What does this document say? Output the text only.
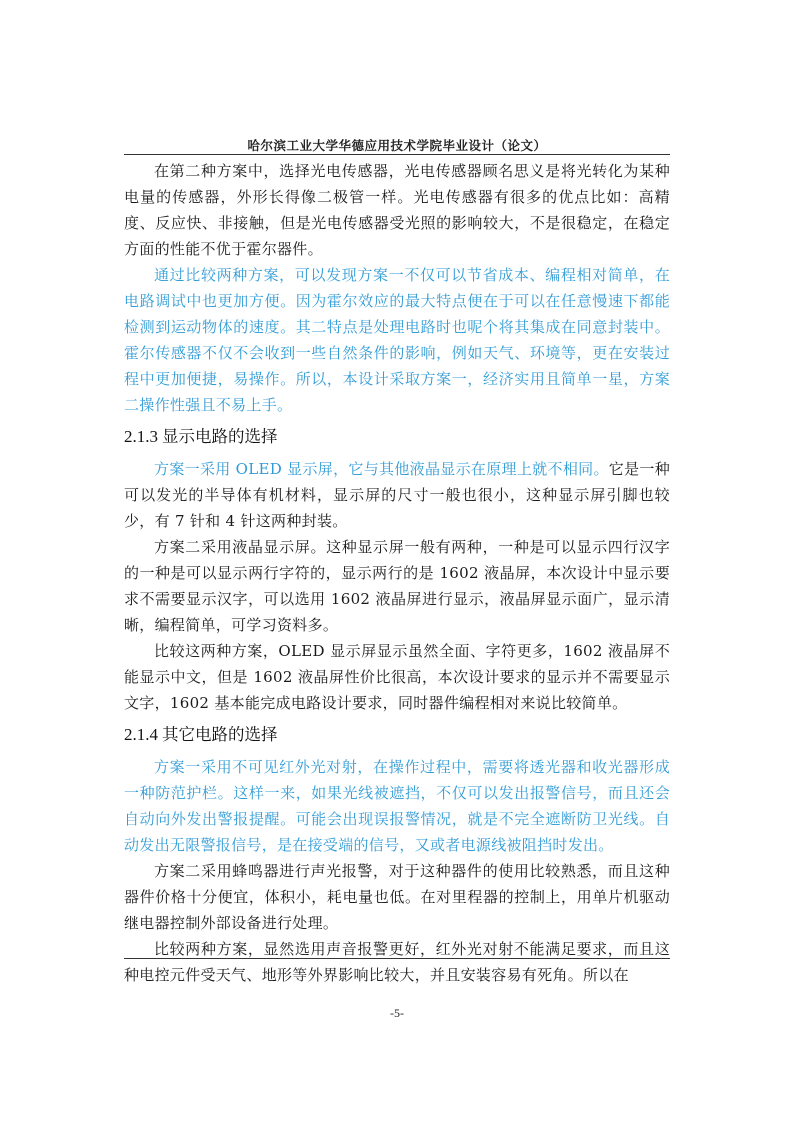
哈尔滨工业大学华德应用技术学院毕业设计（论文）

在第二种方案中，选择光电传感器，光电传感器顾名思义是将光转化为某种电量的传感器，外形长得像二极管一样。光电传感器有很多的优点比如：高精度、反应快、非接触，但是光电传感器受光照的影响较大，不是很稳定，在稳定方面的性能不优于霍尔器件。

通过比较两种方案，可以发现方案一不仅可以节省成本、编程相对简单，在电路调试中也更加方便。因为霍尔效应的最大特点便在于可以在任意慢速下都能检测到运动物体的速度。其二特点是处理电路时也呢个将其集成在同意封装中。霍尔传感器不仅不会收到一些自然条件的影响，例如天气、环境等，更在安装过程中更加便捷，易操作。所以，本设计采取方案一，经济实用且简单一星，方案二操作性强且不易上手。

2.1.3 显示电路的选择

方案一采用 OLED 显示屏，它与其他液晶显示在原理上就不相同。它是一种可以发光的半导体有机材料，显示屏的尺寸一般也很小，这种显示屏引脚也较少，有 7 针和 4 针这两种封装。

方案二采用液晶显示屏。这种显示屏一般有两种，一种是可以显示四行汉字的一种是可以显示两行字符的，显示两行的是 1602 液晶屏，本次设计中显示要求不需要显示汉字，可以选用 1602 液晶屏进行显示，液晶屏显示面广，显示清晰，编程简单，可学习资料多。

比较这两种方案，OLED 显示屏显示虽然全面、字符更多，1602 液晶屏不能显示中文，但是 1602 液晶屏性价比很高，本次设计要求的显示并不需要显示文字，1602 基本能完成电路设计要求，同时器件编程相对来说比较简单。

2.1.4 其它电路的选择

方案一采用不可见红外光对射，在操作过程中，需要将透光器和收光器形成一种防范护栏。这样一来，如果光线被遮挡，不仅可以发出报警信号，而且还会自动向外发出警报提醒。可能会出现误报警情况，就是不完全遮断防卫光线。自动发出无限警报信号，是在接受端的信号，又或者电源线被阻挡时发出。

方案二采用蜂鸣器进行声光报警，对于这种器件的使用比较熟悉，而且这种器件价格十分便宜，体积小，耗电量也低。在对里程器的控制上，用单片机驱动继电器控制外部设备进行处理。

比较两种方案，显然选用声音报警更好，红外光对射不能满足要求，而且这种电控元件受天气、地形等外界影响比较大，并且安装容易有死角。所以在

-5-
